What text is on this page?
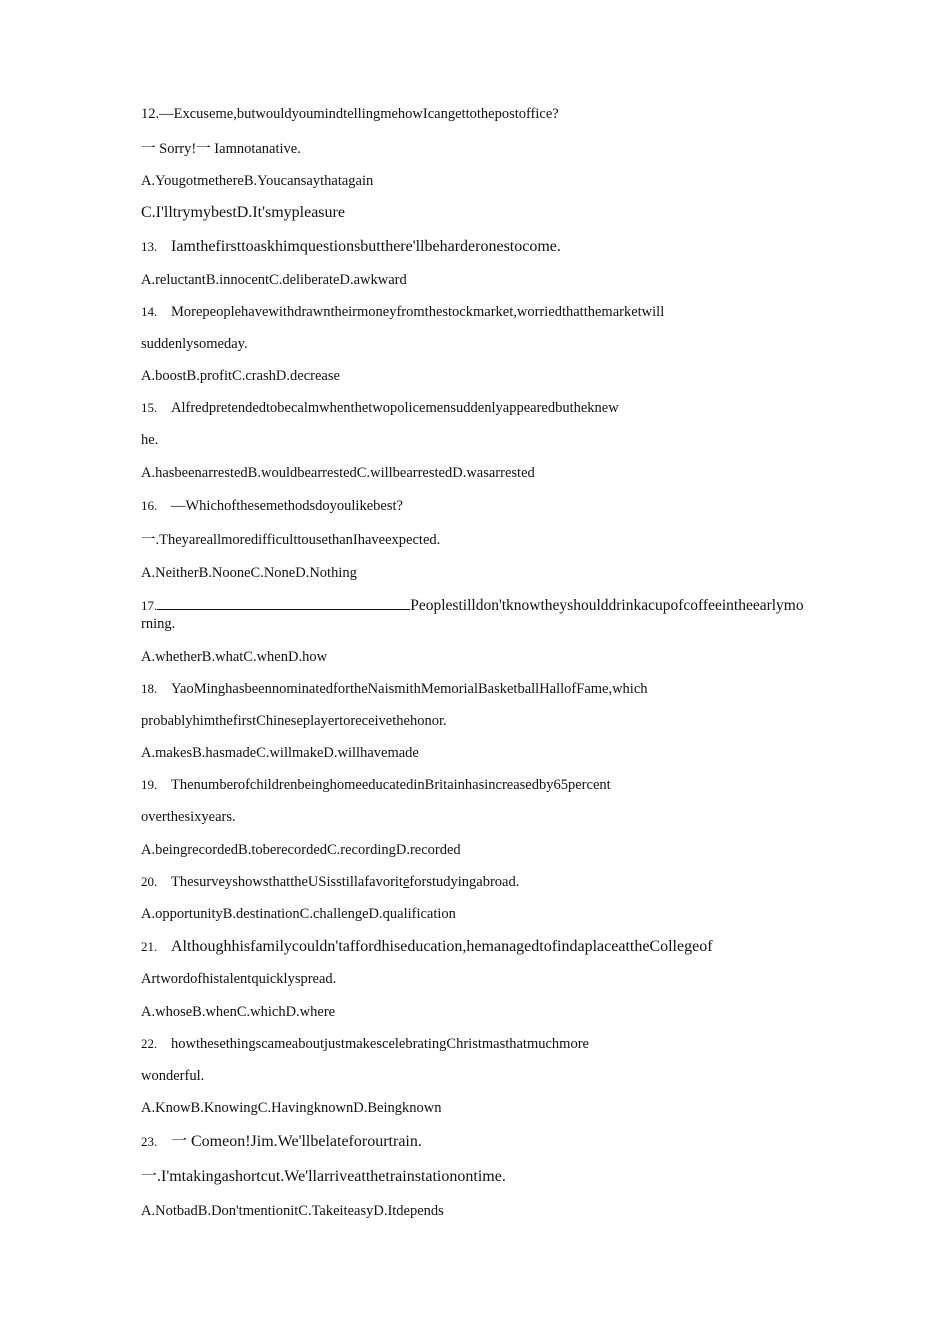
12.—Excuseme,butwouldyoumindtellingmehowIcangettothepostoffice?

一 Sorry!一 Iamnotanative.

A.YougotmethereB.Youcansaythatagain

C.I'lltrymybestD.It'smypleasure

13. Iamthefirsttoaskhimquestionsbutthere'llbeharderonestocome.

A.reluctantB.innocentC.deliberateD.awkward

14. Morepeoplehavewithdrawntheirmoneyfromthestockmarket,worriedthatthemarketwill

suddenlysomeday.

A.boostB.profitC.crashD.decrease

15. Alfredpretendedtobecalmwhenthetwopolicemensuddenlyappearedbutheknew

he.

A.hasbeenarrestedB.wouldbearrestedC.willbearrestedD.wasarrested

16. —Whichofthesemethodsdoyoulikebest?

一.TheyareallmoredifficulttousethanIhaveexpected.

A.NeitherB.NooneC.NoneD.Nothing

17.	Peoplestilldon'tknowtheyshoulddrinkacupofcoffeeintheearlymo

rning.

A.whetherB.whatC.whenD.how

18. YaoMinghasbeennominatedfortheNaismithMemorialBasketballHallofFame,which

probablyhimthefirstChineseplayertoreceivethehonor.

A.makesB.hasmadeC.willmakeD.willhavemade

19. ThenumberofchildrenbeinghomeeducatedinBritainhasincreasedby65percent

overthesixyears.

A.beingrecordedB.toberecordedC.recordingD.recorded

20. ThesurveyshowsthattheUSisstillafavoriteforstudyingabroad.

A.opportunityB.destinationC.challengeD.qualification

21. Althoughhisfamilycouldn'taffordhiseducation,hemanagedtofindaplaceattheCollegeof

Artwordofhistalentquicklyspread.

A.whoseB.whenC.whichD.where

22. howthesethingscameaboutjustmakescelebratingChristmasthatmuchmore

wonderful.

A.KnowB.KnowingC.HavingknownD.Beingknown

23. 一 Comeon!Jim.We'llbelateforourtrain.

一.I'mtakingashortcut.We'llarriveatthetrainstationontime.

A.NotbadB.Don'tmentionitC.TakeiteasyD.Itdepends
